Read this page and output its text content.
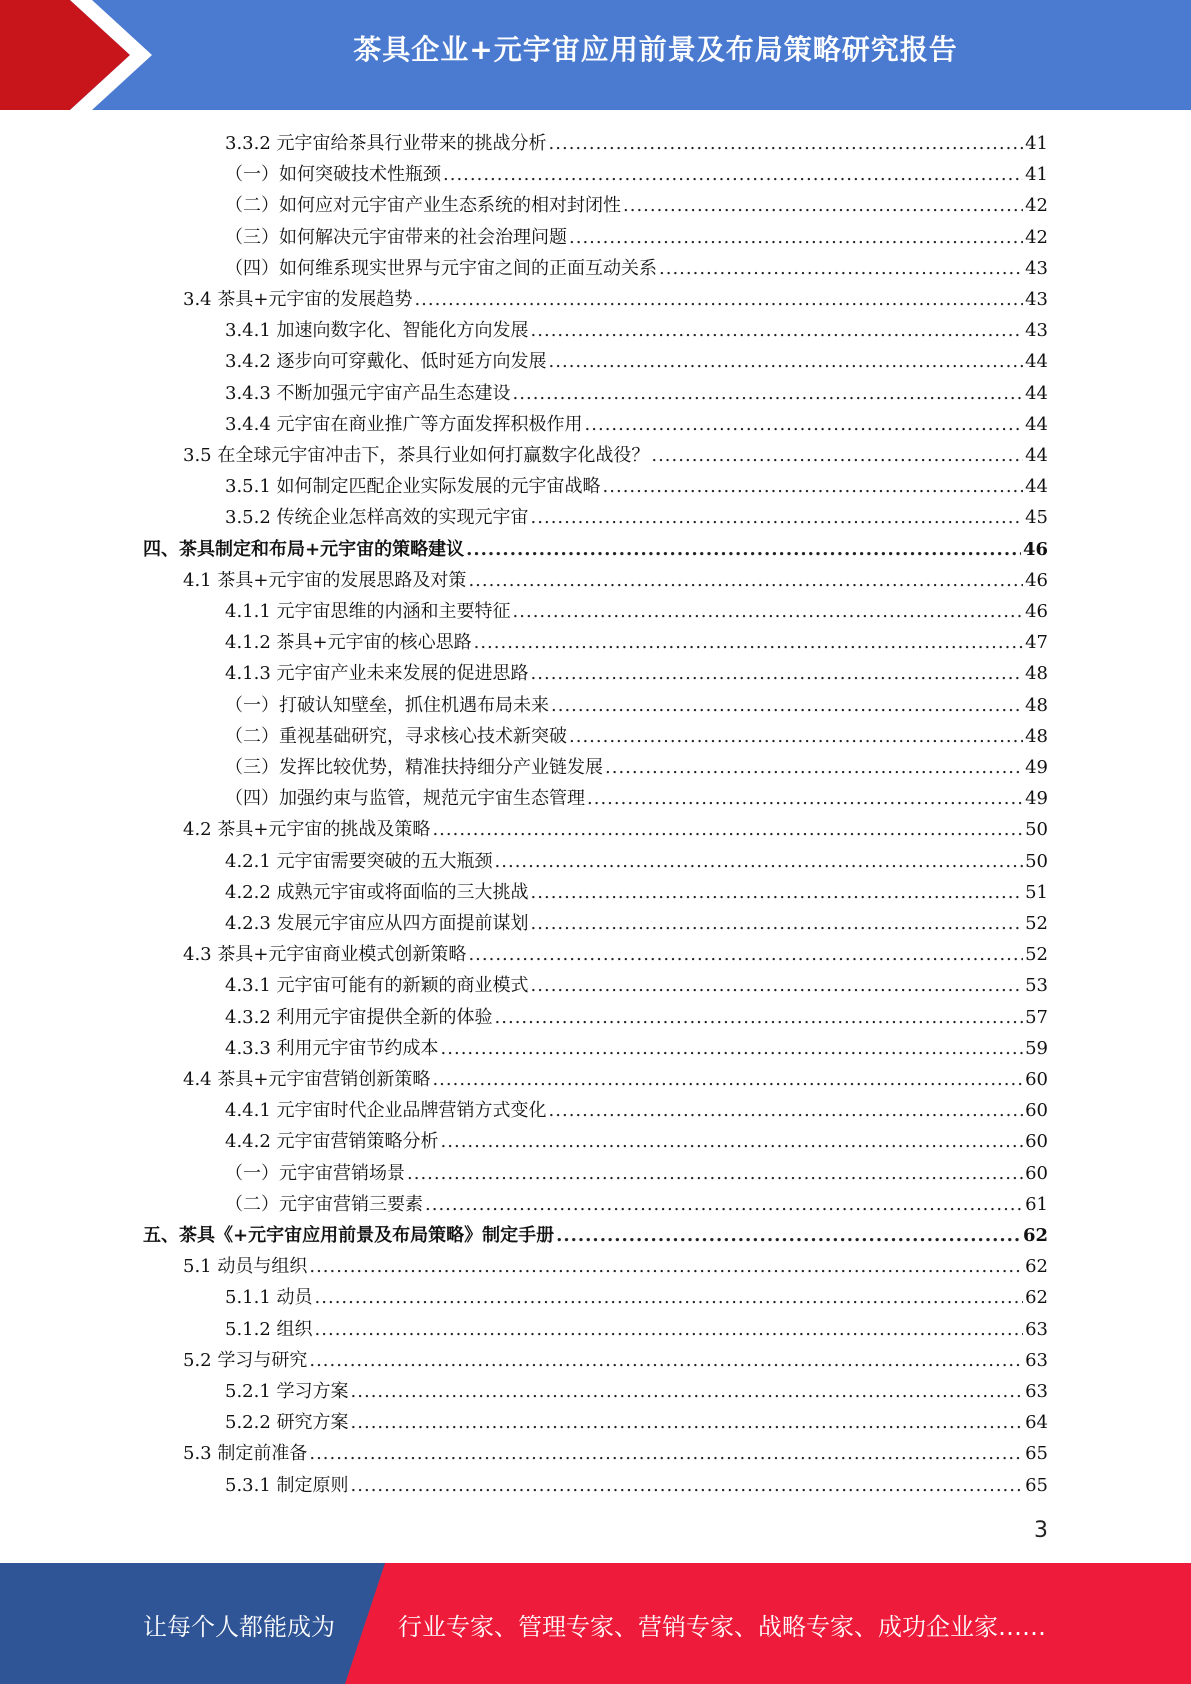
茶具企业+元宇宙应用前景及布局策略研究报告
3.3.2 元宇宙给茶具行业带来的挑战分析 .....	41
（一）如何突破技术性瓶颈 .....	41
（二）如何应对元宇宙产业生态系统的相对封闭性 .....	42
（三）如何解决元宇宙带来的社会治理问题 .....	42
（四）如何维系现实世界与元宇宙之间的正面互动关系 .....	43
3.4 茶具+元宇宙的发展趋势 .....	43
3.4.1 加速向数字化、智能化方向发展 .....	43
3.4.2 逐步向可穿戴化、低时延方向发展 .....	44
3.4.3 不断加强元宇宙产品生态建设 .....	44
3.4.4 元宇宙在商业推广等方面发挥积极作用 .....	44
3.5 在全球元宇宙冲击下，茶具行业如何打赢数字化战役？ .....	44
3.5.1 如何制定匹配企业实际发展的元宇宙战略 .....	44
3.5.2 传统企业怎样高效的实现元宇宙 .....	45
四、茶具制定和布局+元宇宙的策略建议 .....	46
4.1 茶具+元宇宙的发展思路及对策 .....	46
4.1.1 元宇宙思维的内涵和主要特征 .....	46
4.1.2 茶具+元宇宙的核心思路 .....	47
4.1.3 元宇宙产业未来发展的促进思路 .....	48
（一）打破认知壁垒，抓住机遇布局未来 .....	48
（二）重视基础研究，寻求核心技术新突破 .....	48
（三）发挥比较优势，精准扶持细分产业链发展 .....	49
（四）加强约束与监管，规范元宇宙生态管理 .....	49
4.2 茶具+元宇宙的挑战及策略 .....	50
4.2.1 元宇宙需要突破的五大瓶颈 .....	50
4.2.2 成熟元宇宙或将面临的三大挑战 .....	51
4.2.3 发展元宇宙应从四方面提前谋划 .....	52
4.3 茶具+元宇宙商业模式创新策略 .....	52
4.3.1 元宇宙可能有的新颖的商业模式 .....	53
4.3.2 利用元宇宙提供全新的体验 .....	57
4.3.3 利用元宇宙节约成本 .....	59
4.4 茶具+元宇宙营销创新策略 .....	60
4.4.1 元宇宙时代企业品牌营销方式变化 .....	60
4.4.2 元宇宙营销策略分析 .....	60
（一）元宇宙营销场景 .....	60
（二）元宇宙营销三要素 .....	61
五、茶具《+元宇宙应用前景及布局策略》制定手册 .....	62
5.1 动员与组织 .....	62
5.1.1 动员 .....	62
5.1.2 组织 .....	63
5.2 学习与研究 .....	63
5.2.1 学习方案 .....	63
5.2.2 研究方案 .....	64
5.3 制定前准备 .....	65
5.3.1 制定原则 .....	65
3
让每个人都能成为	行业专家、管理专家、营销专家、战略专家、成功企业家……
